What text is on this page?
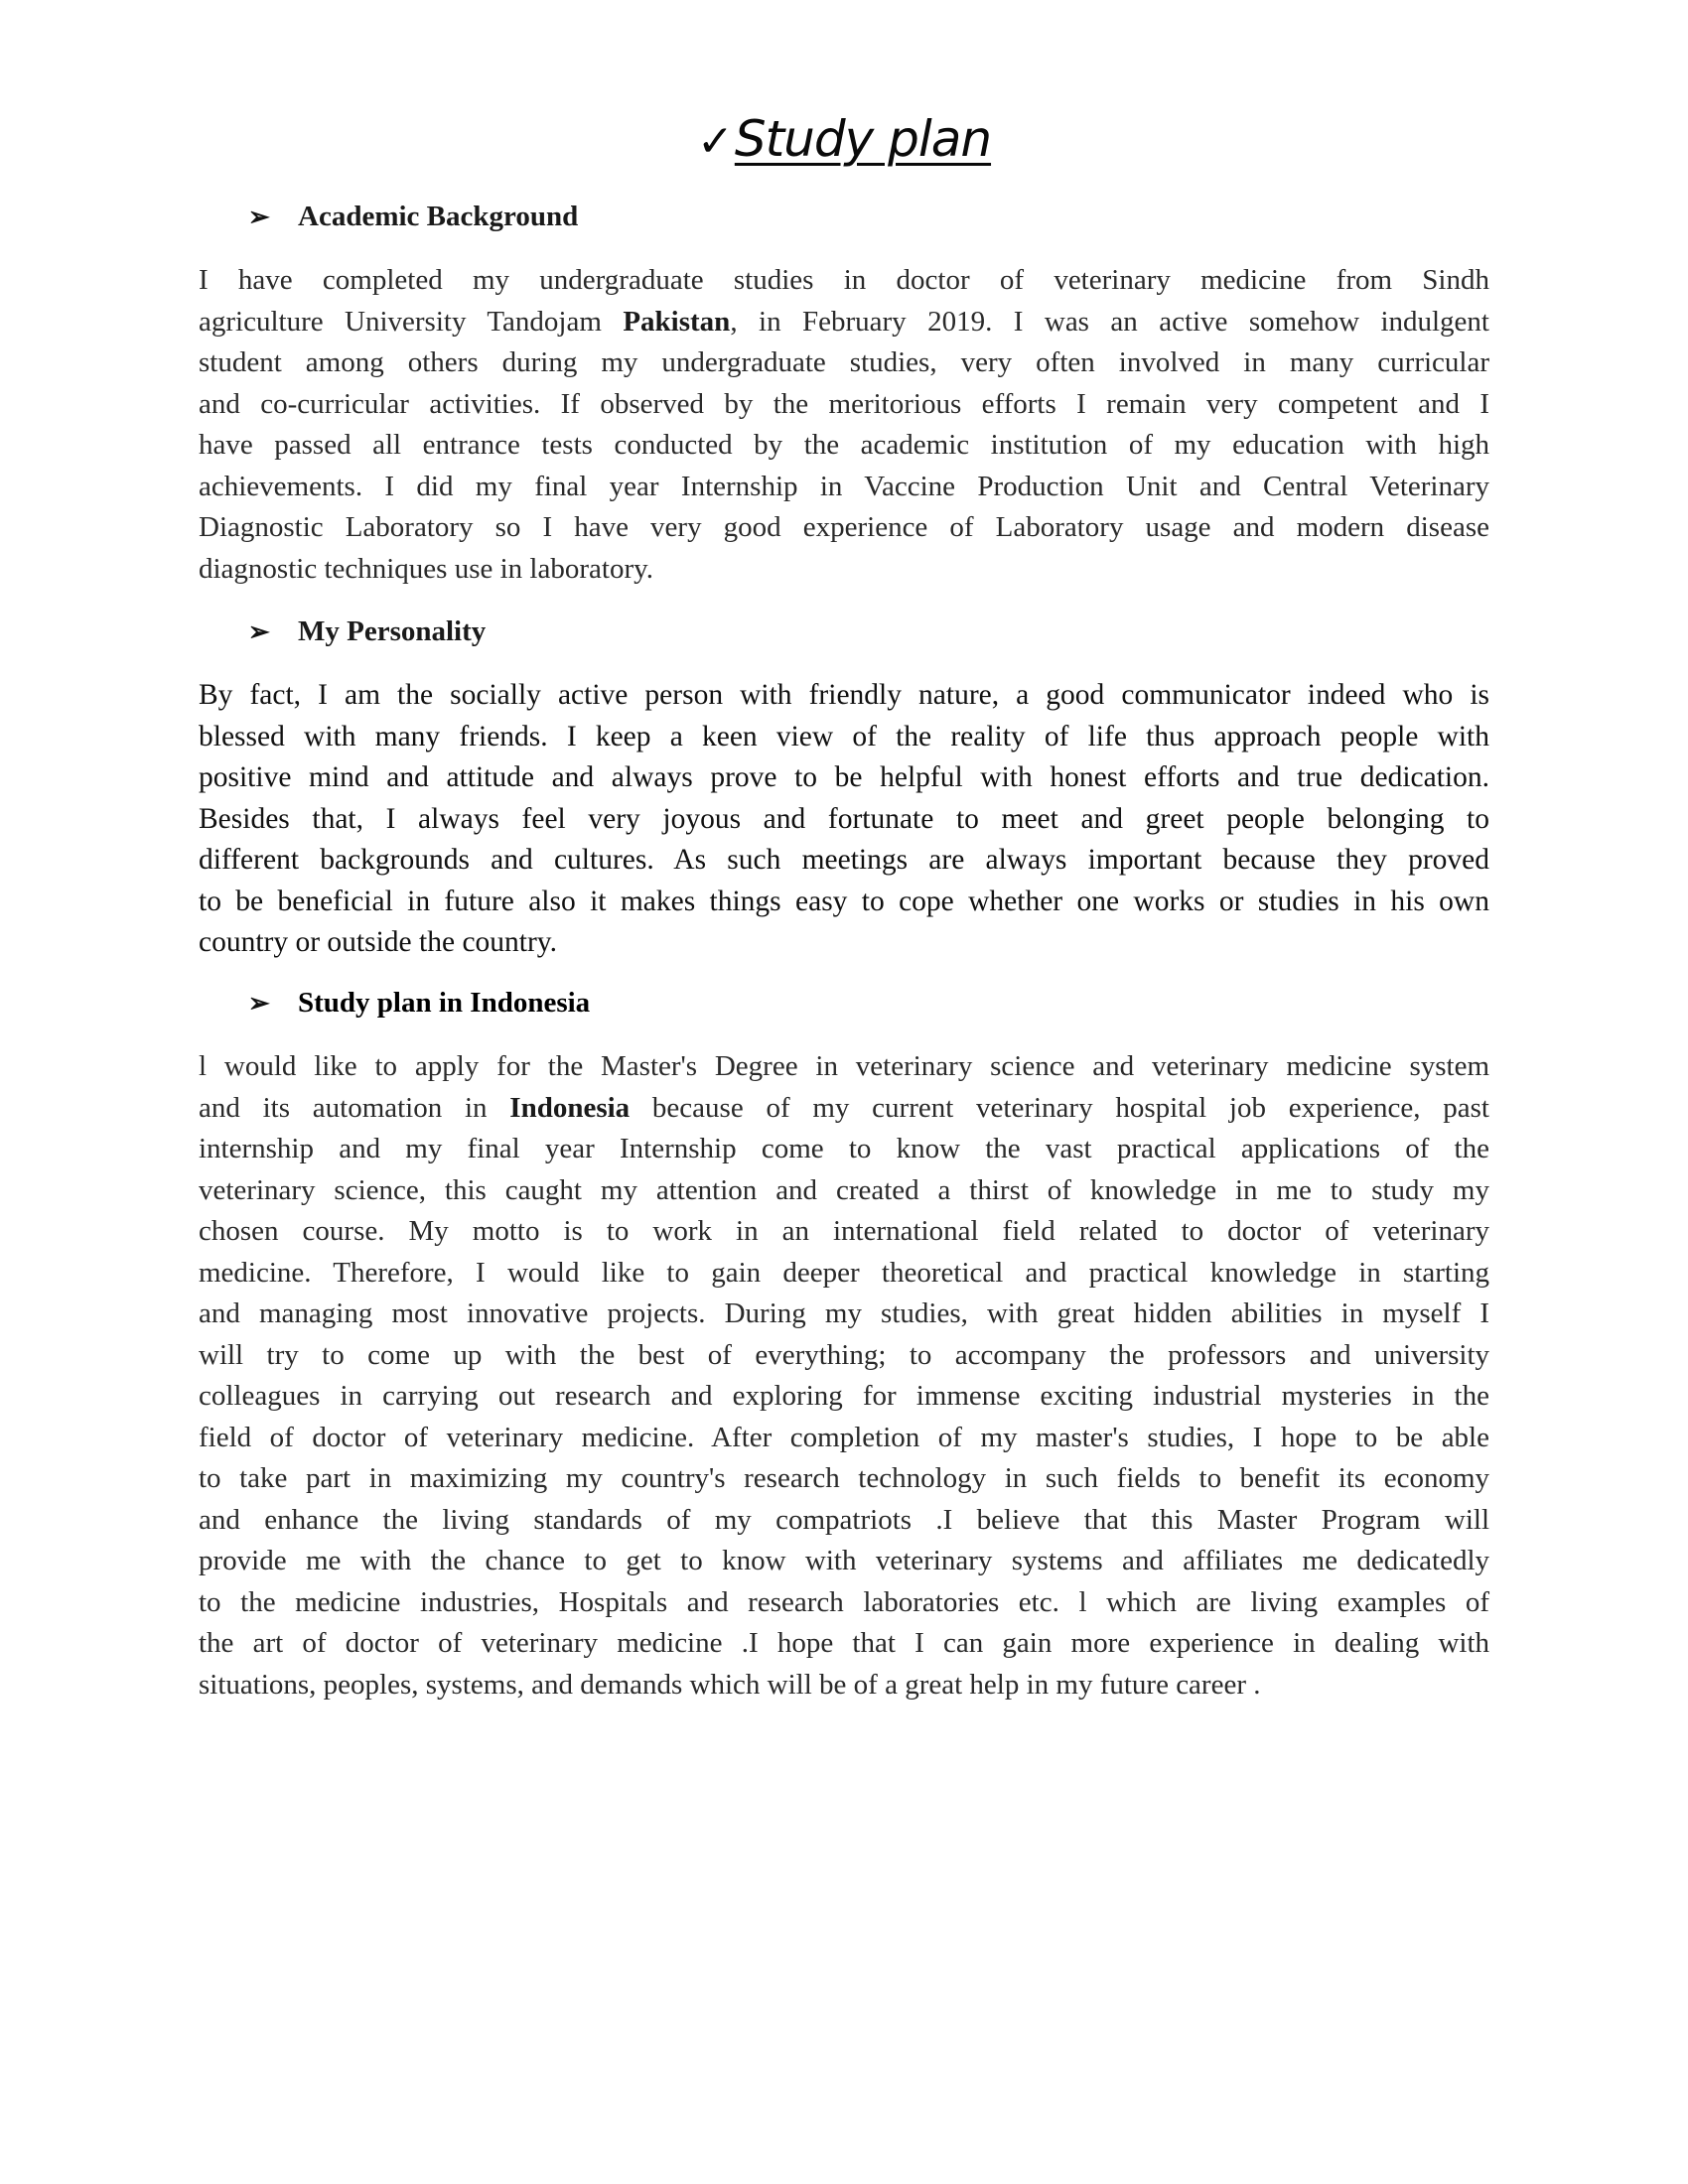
✓Study plan
➢ Academic Background
I have completed my undergraduate studies in doctor of veterinary medicine from Sindh
agriculture University Tandojam Pakistan, in February 2019. I was an active somehow indulgent
student among others during my undergraduate studies, very often involved in many curricular
and co-curricular activities. If observed by the meritorious efforts I remain very competent and I
have passed all entrance tests conducted by the academic institution of my education with high
achievements. I did my final year Internship in Vaccine Production Unit and Central Veterinary
Diagnostic Laboratory so I have very good experience of Laboratory usage and modern disease
diagnostic techniques use in laboratory.
➢ My Personality
By fact, I am the socially active person with friendly nature, a good communicator indeed who is
blessed with many friends. I keep a keen view of the reality of life thus approach people with
positive mind and attitude and always prove to be helpful with honest efforts and true dedication.
Besides that, I always feel very joyous and fortunate to meet and greet people belonging to
different backgrounds and cultures. As such meetings are always important because they proved
to be beneficial in future also it makes things easy to cope whether one works or studies in his own
country or outside the country.
➢ Study plan in Indonesia
l would like to apply for the Master's Degree in veterinary science and veterinary medicine system
and its automation in Indonesia because of my current veterinary hospital job experience, past
internship and my final year Internship come to know the vast practical applications of the
veterinary science, this caught my attention and created a thirst of knowledge in me to study my
chosen course. My motto is to work in an international field related to doctor of veterinary
medicine. Therefore, I would like to gain deeper theoretical and practical knowledge in starting
and managing most innovative projects. During my studies, with great hidden abilities in myself I
will try to come up with the best of everything; to accompany the professors and university
colleagues in carrying out research and exploring for immense exciting industrial mysteries in the
field of doctor of veterinary medicine. After completion of my master's studies, I hope to be able
to take part in maximizing my country's research technology in such fields to benefit its economy
and enhance the living standards of my compatriots .I believe that this Master Program will
provide me with the chance to get to know with veterinary systems and affiliates me dedicatedly
to the medicine industries, Hospitals and research laboratories etc. l which are living examples of
the art of doctor of veterinary medicine .I hope that I can gain more experience in dealing with
situations, peoples, systems, and demands which will be of a great help in my future career .
